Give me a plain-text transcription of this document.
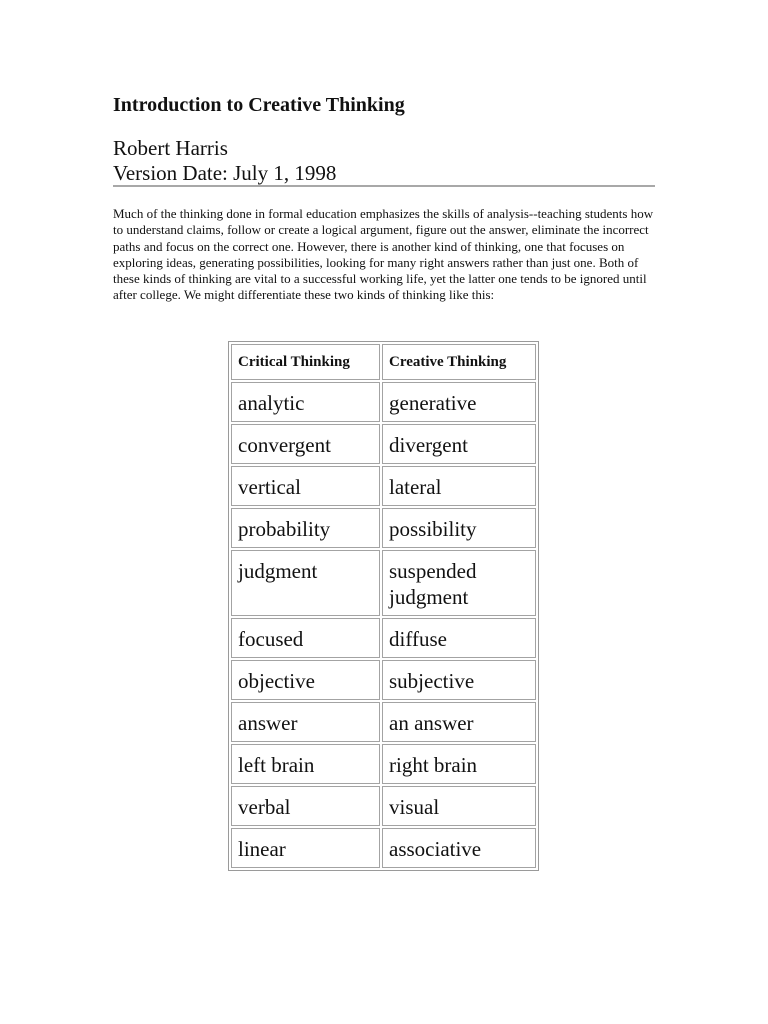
Introduction to Creative Thinking
Robert Harris
Version Date: July 1, 1998

Much of the thinking done in formal education emphasizes the skills of analysis--teaching students how to understand claims, follow or create a logical argument, figure out the answer, eliminate the incorrect paths and focus on the correct one. However, there is another kind of thinking, one that focuses on exploring ideas, generating possibilities, looking for many right answers rather than just one. Both of these kinds of thinking are vital to a successful working life, yet the latter one tends to be ignored until after college. We might differentiate these two kinds of thinking like this:

Critical Thinking	Creative Thinking
analytic	generative
convergent	divergent
vertical	lateral
probability	possibility
judgment	suspended judgment
focused	diffuse
objective	subjective
answer	an answer
left brain	right brain
verbal	visual
linear	associative
